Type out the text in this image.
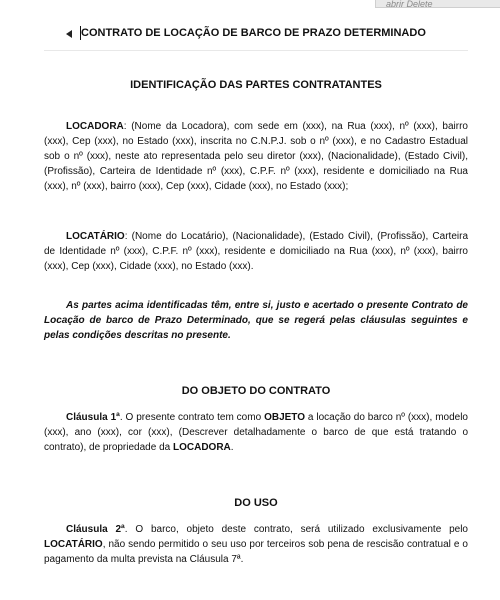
abrir Delete
CONTRATO DE LOCAÇÃO DE BARCO DE PRAZO DETERMINADO
IDENTIFICAÇÃO DAS PARTES CONTRATANTES
LOCADORA: (Nome da Locadora), com sede em (xxx), na Rua (xxx), nº (xxx), bairro (xxx), Cep (xxx), no Estado (xxx), inscrita no C.N.P.J. sob o nº (xxx), e no Cadastro Estadual sob o nº (xxx), neste ato representada pelo seu diretor (xxx), (Nacionalidade), (Estado Civil), (Profissão), Carteira de Identidade nº (xxx), C.P.F. nº (xxx), residente e domiciliado na Rua (xxx), nº (xxx), bairro (xxx), Cep (xxx), Cidade (xxx), no Estado (xxx);
LOCATÁRIO: (Nome do Locatário), (Nacionalidade), (Estado Civil), (Profissão), Carteira de Identidade nº (xxx), C.P.F. nº (xxx), residente e domiciliado na Rua (xxx), nº (xxx), bairro (xxx), Cep (xxx), Cidade (xxx), no Estado (xxx).
As partes acima identificadas têm, entre si, justo e acertado o presente Contrato de Locação de barco de Prazo Determinado, que se regerá pelas cláusulas seguintes e pelas condições descritas no presente.
DO OBJETO DO CONTRATO
Cláusula 1ª. O presente contrato tem como OBJETO a locação do barco nº (xxx), modelo (xxx), ano (xxx), cor (xxx), (Descrever detalhadamente o barco de que está tratando o contrato), de propriedade da LOCADORA.
DO USO
Cláusula 2ª. O barco, objeto deste contrato, será utilizado exclusivamente pelo LOCATÁRIO, não sendo permitido o seu uso por terceiros sob pena de rescisão contratual e o pagamento da multa prevista na Cláusula 7ª.
